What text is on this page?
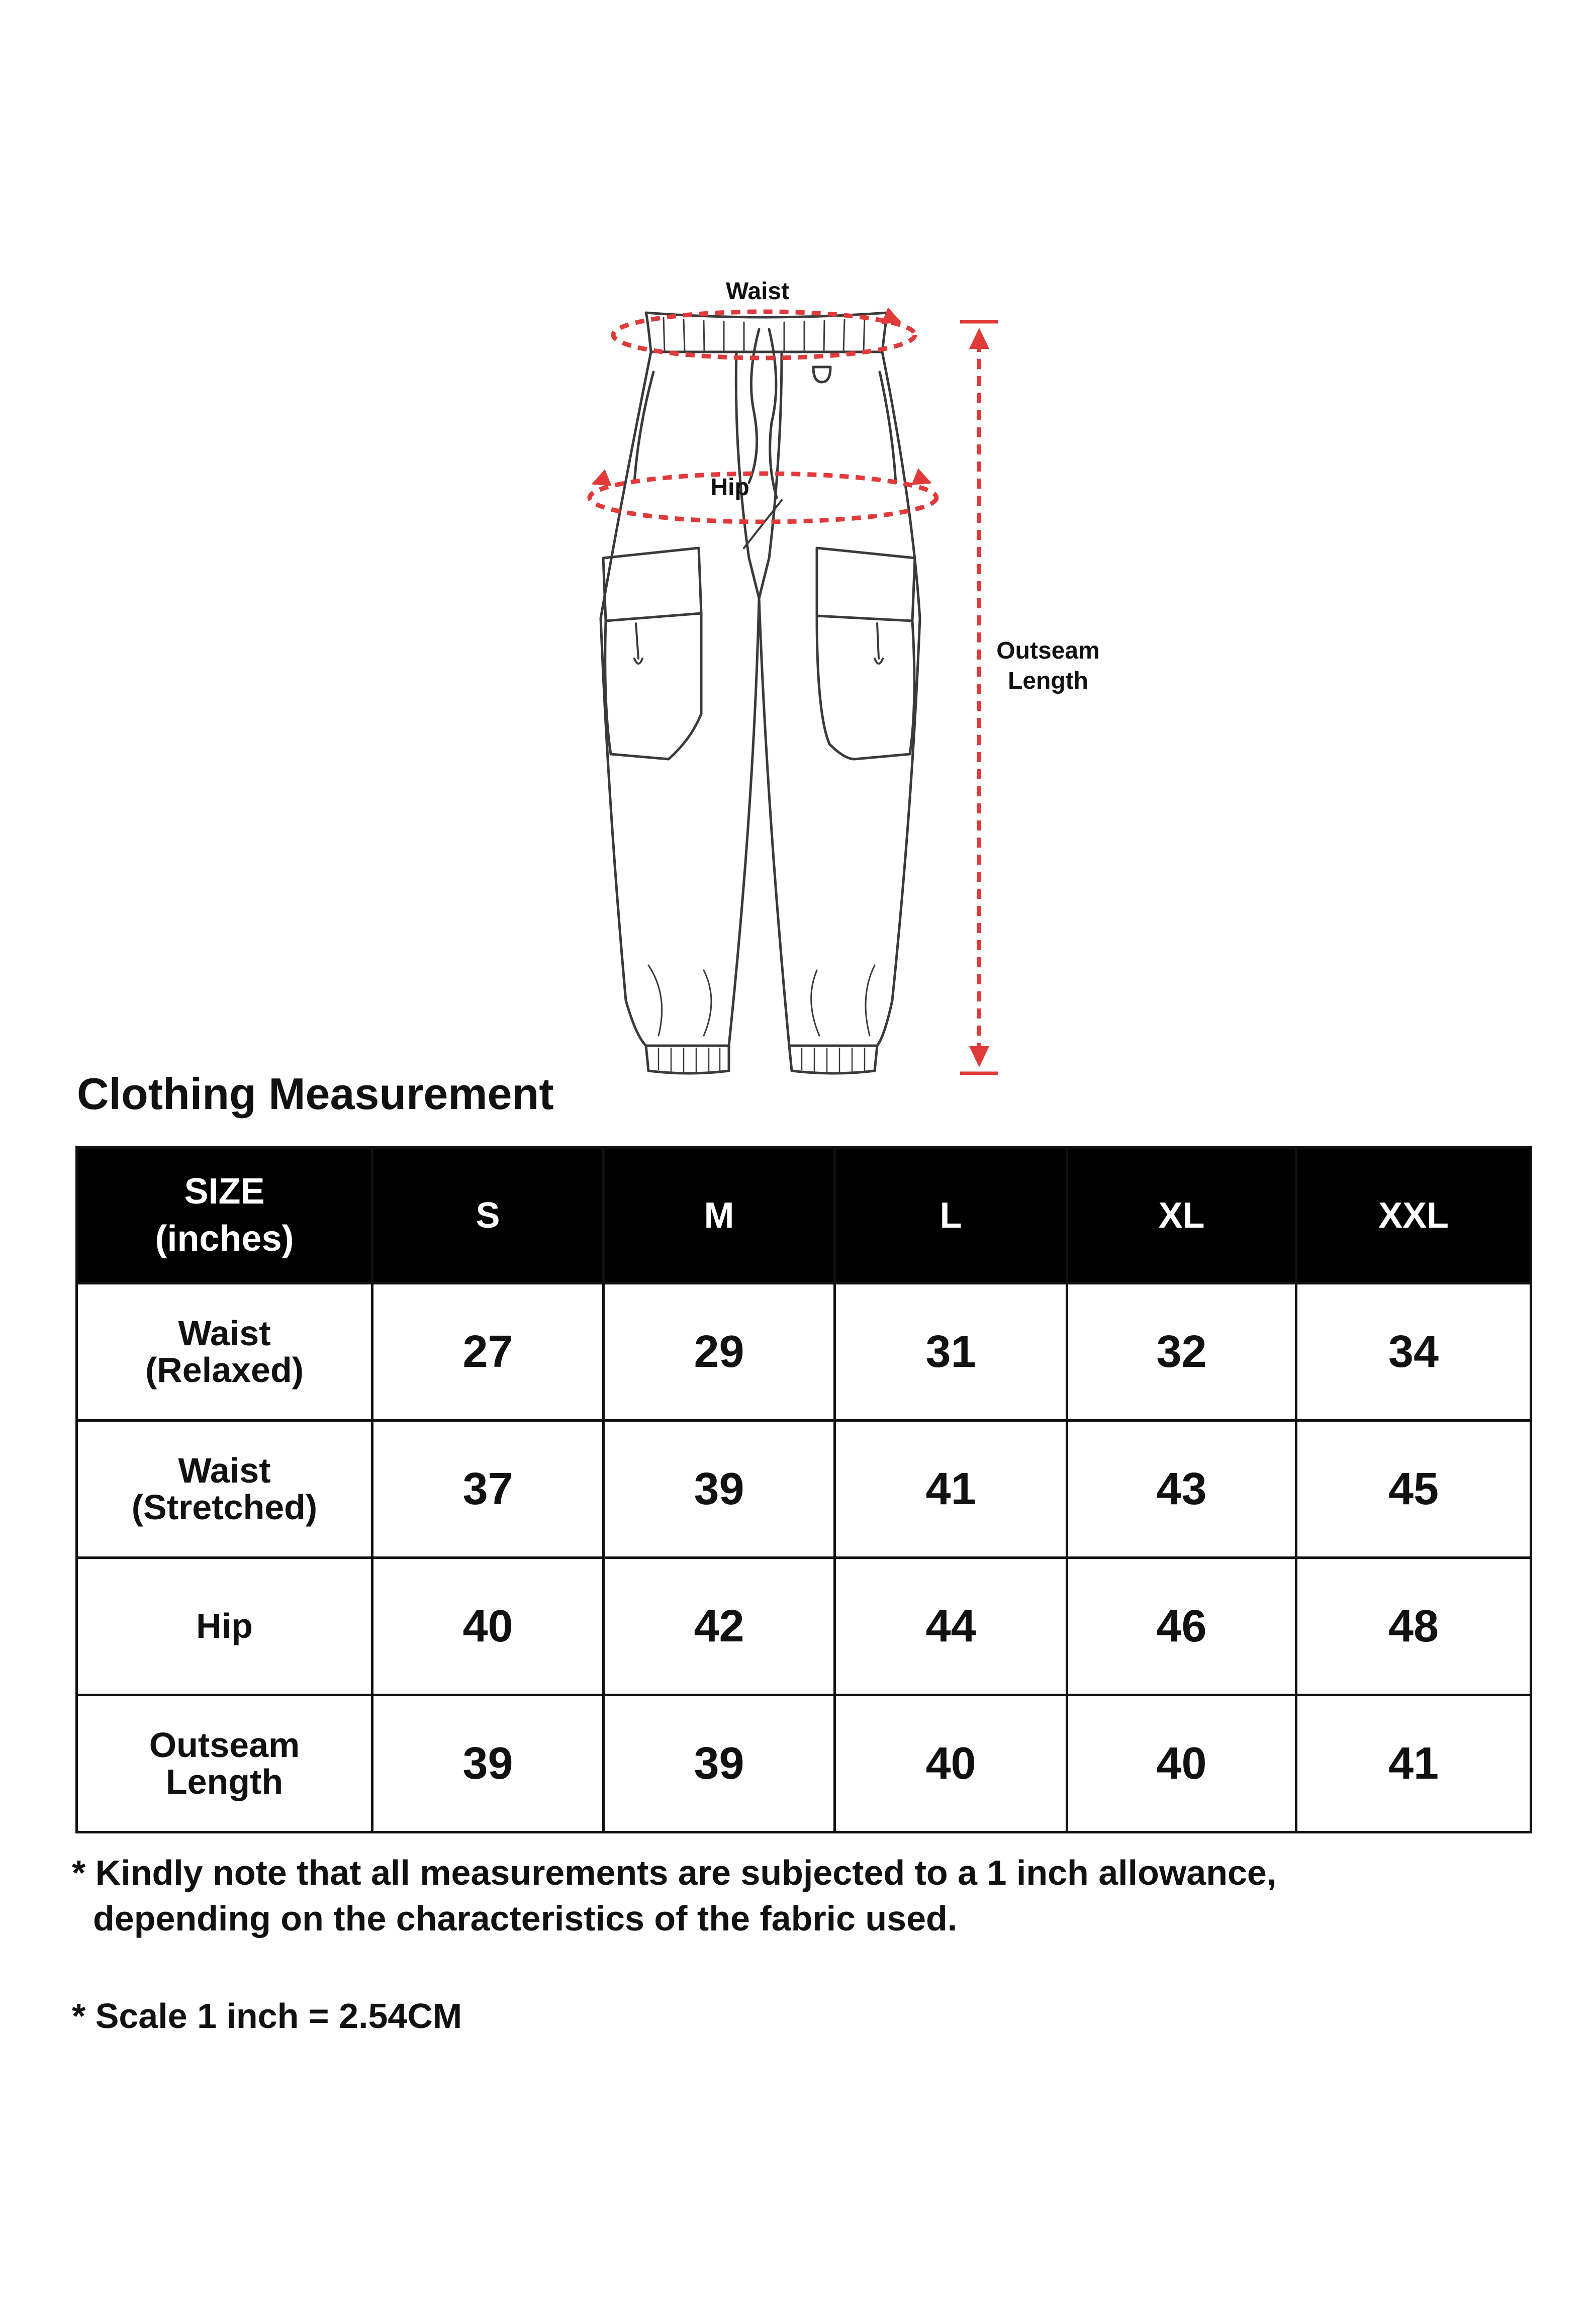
Waist
Hip
Outseam
Length
Clothing Measurement
SIZE
(inches)	S	M	L	XL	XXL

Waist
(Relaxed)	27	29	31	32	34

Waist
(Stretched)	37	39	41	43	45

Hip	40	42	44	46	48

Outseam
Length	39	39	40	40	41
* Kindly note that all measurements are subjected to a 1 inch allowance,
depending on the characteristics of the fabric used.
* Scale 1 inch = 2.54CM
